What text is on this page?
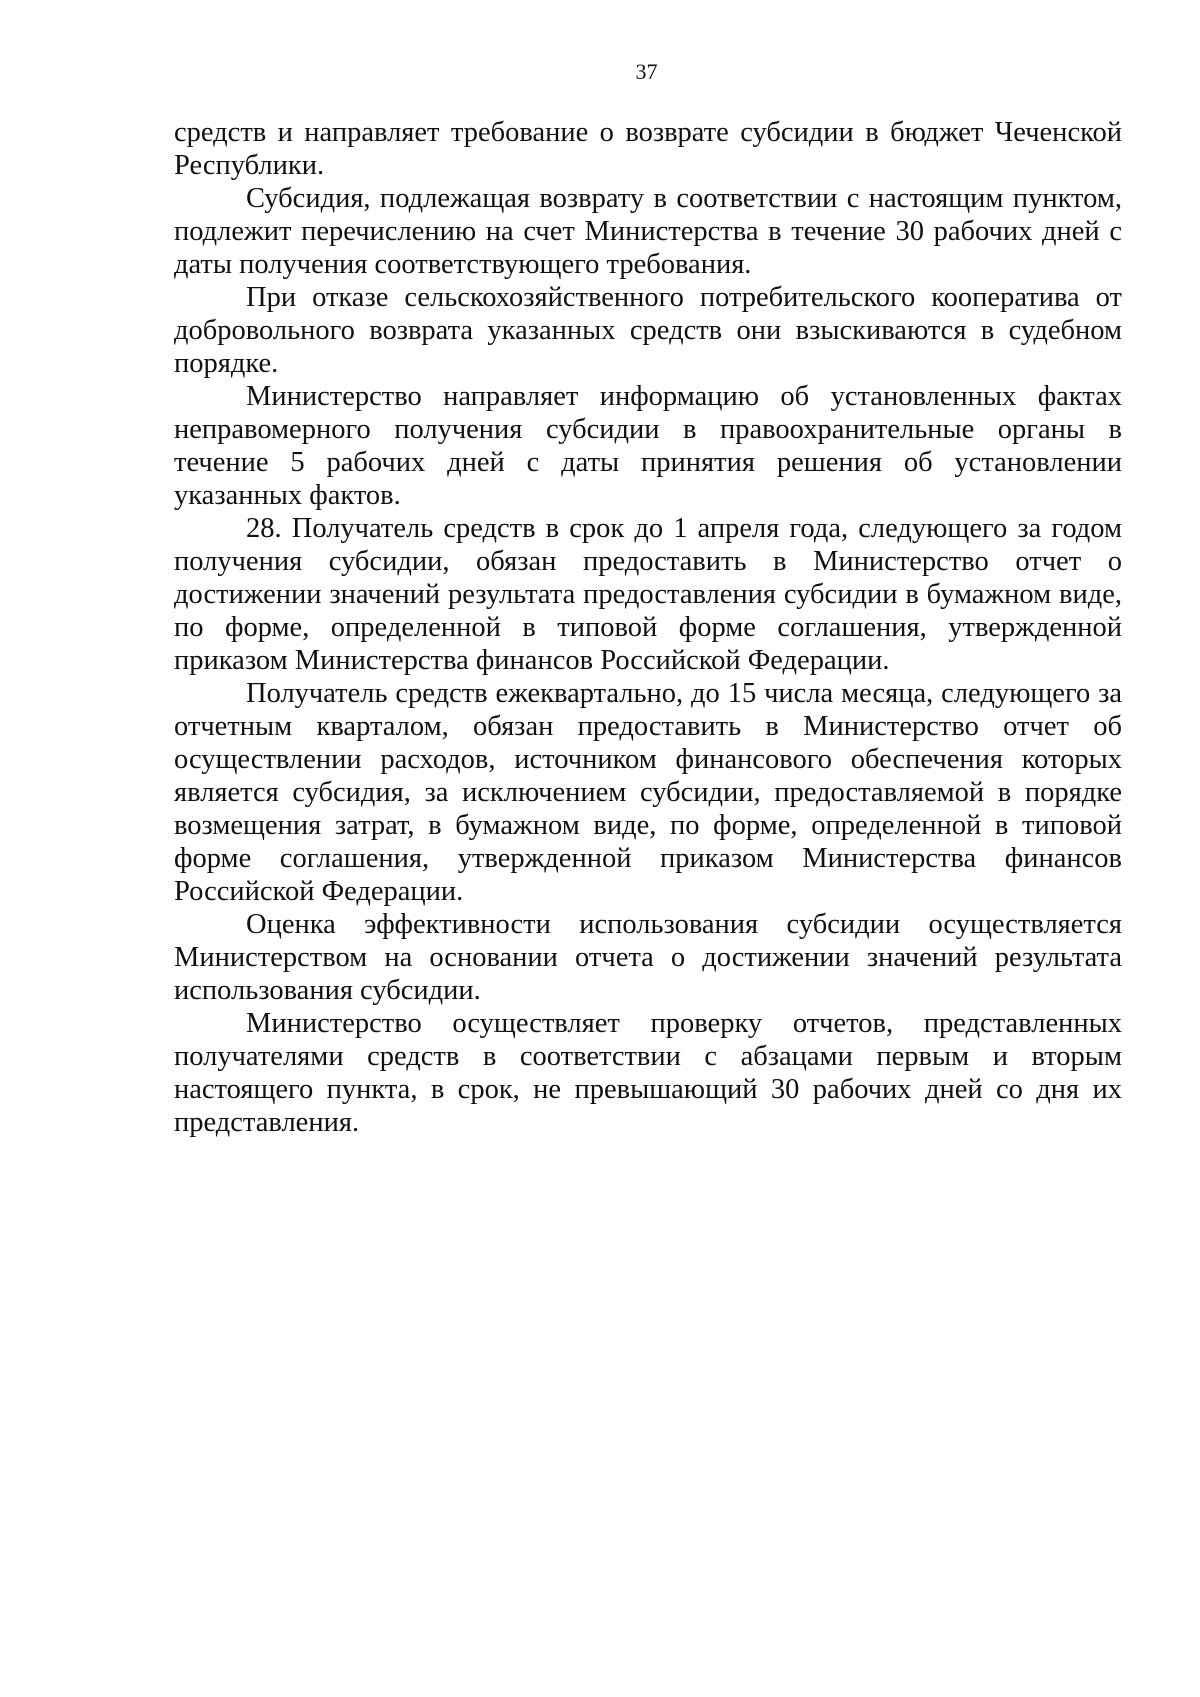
37

средств и направляет требование о возврате субсидии в бюджет Чеченской Республики.

Субсидия, подлежащая возврату в соответствии с настоящим пунктом, подлежит перечислению на счет Министерства в течение 30 рабочих дней с даты получения соответствующего требования.

При отказе сельскохозяйственного потребительского кооператива от добровольного возврата указанных средств они взыскиваются в судебном порядке.

Министерство направляет информацию об установленных фактах неправомерного получения субсидии в правоохранительные органы в течение 5 рабочих дней с даты принятия решения об установлении указанных фактов.

28. Получатель средств в срок до 1 апреля года, следующего за годом получения субсидии, обязан предоставить в Министерство отчет о достижении значений результата предоставления субсидии в бумажном виде, по форме, определенной в типовой форме соглашения, утвержденной приказом Министерства финансов Российской Федерации.

Получатель средств ежеквартально, до 15 числа месяца, следующего за отчетным кварталом, обязан предоставить в Министерство отчет об осуществлении расходов, источником финансового обеспечения которых является субсидия, за исключением субсидии, предоставляемой в порядке возмещения затрат, в бумажном виде, по форме, определенной в типовой форме соглашения, утвержденной приказом Министерства финансов Российской Федерации.

Оценка эффективности использования субсидии осуществляется Министерством на основании отчета о достижении значений результата использования субсидии.

Министерство осуществляет проверку отчетов, представленных получателями средств в соответствии с абзацами первым и вторым настоящего пункта, в срок, не превышающий 30 рабочих дней со дня их представления.
